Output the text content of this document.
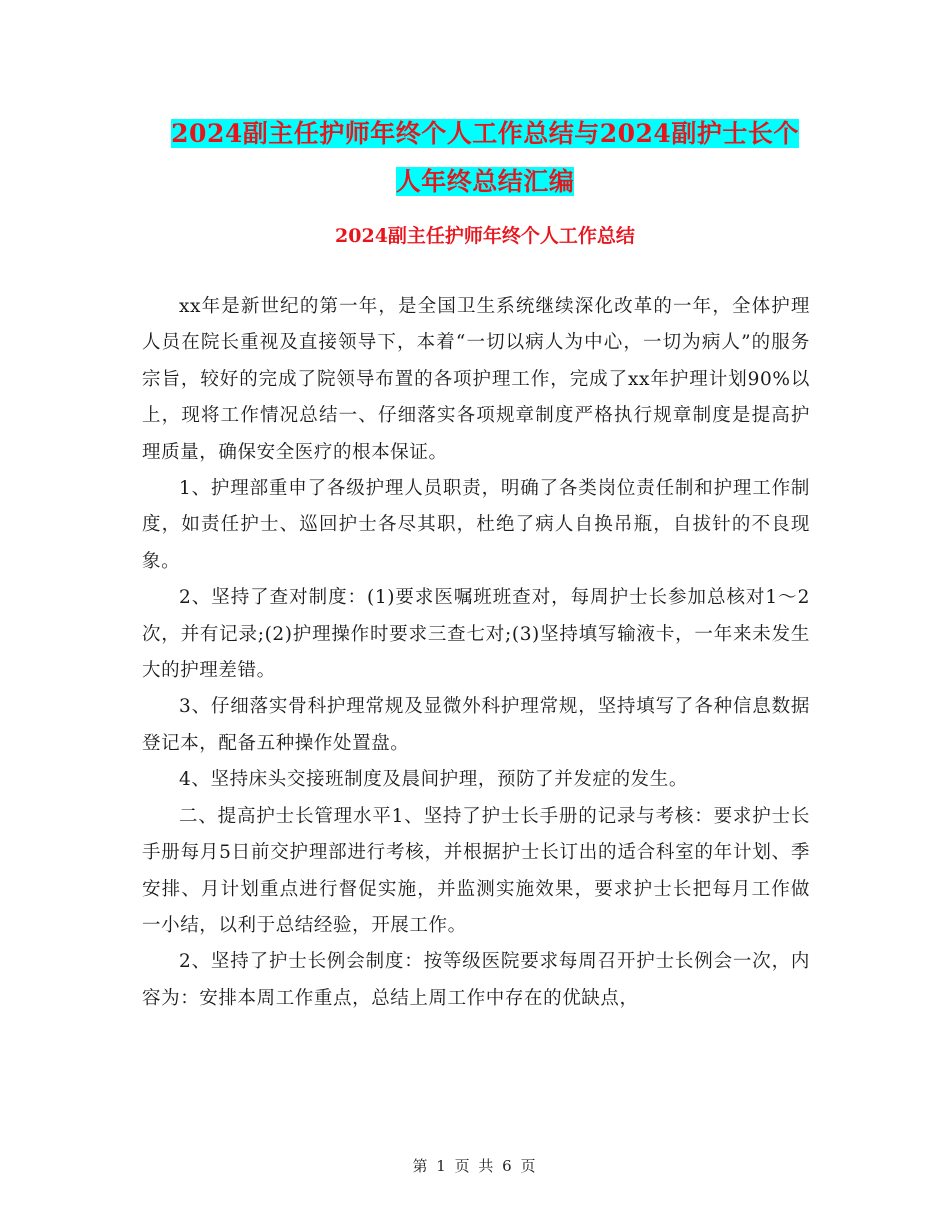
2024副主任护师年终个人工作总结与2024副护士长个
人年终总结汇编
2024副主任护师年终个人工作总结

xx年是新世纪的第一年，是全国卫生系统继续深化改革的一年，全体护理人员在院长重视及直接领导下，本着“一切以病人为中心，一切为病人”的服务宗旨，较好的完成了院领导布置的各项护理工作，完成了xx年护理计划90%以上，现将工作情况总结一、仔细落实各项规章制度严格执行规章制度是提高护理质量，确保安全医疗的根本保证。

1、护理部重申了各级护理人员职责，明确了各类岗位责任制和护理工作制度，如责任护士、巡回护士各尽其职，杜绝了病人自换吊瓶，自拔针的不良现象。

2、坚持了查对制度：(1)要求医嘱班班查对，每周护士长参加总核对1～2次，并有记录;(2)护理操作时要求三查七对;(3)坚持填写输液卡，一年来未发生大的护理差错。

3、仔细落实骨科护理常规及显微外科护理常规，坚持填写了各种信息数据登记本，配备五种操作处置盘。

4、坚持床头交接班制度及晨间护理，预防了并发症的发生。

二、提高护士长管理水平1、坚持了护士长手册的记录与考核：要求护士长手册每月5日前交护理部进行考核，并根据护士长订出的适合科室的年计划、季安排、月计划重点进行督促实施，并监测实施效果，要求护士长把每月工作做一小结，以利于总结经验，开展工作。

2、坚持了护士长例会制度：按等级医院要求每周召开护士长例会一次，内容为：安排本周工作重点，总结上周工作中存在的优缺点，

第 1 页 共 6 页
